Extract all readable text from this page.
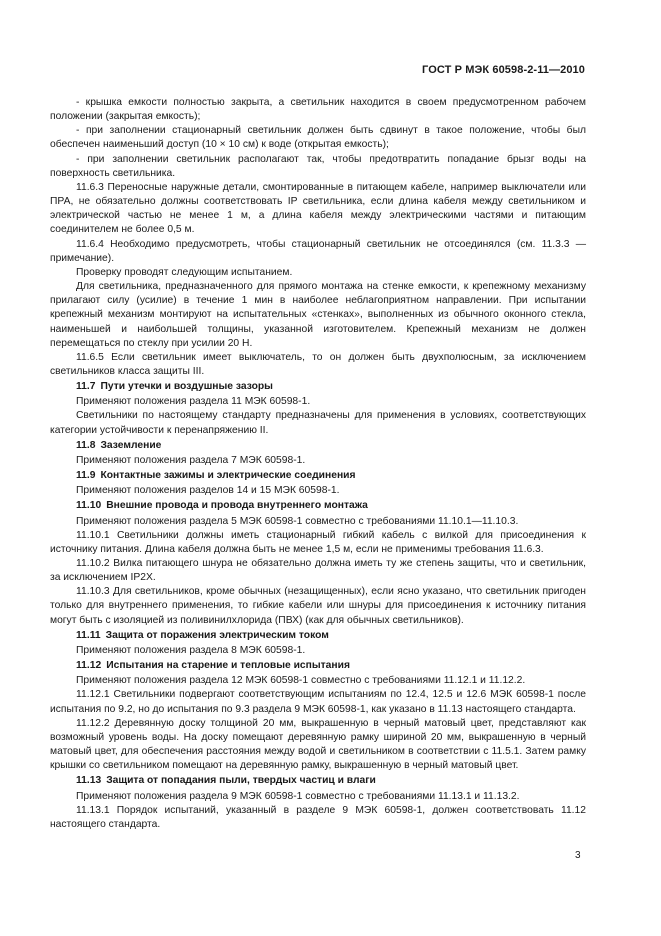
ГОСТ Р МЭК 60598-2-11—2010

- крышка емкости полностью закрыта, а светильник находится в своем предусмотренном рабочем положении (закрытая емкость);

- при заполнении стационарный светильник должен быть сдвинут в такое положение, чтобы был обеспечен наименьший доступ (10 × 10 см) к воде (открытая емкость);

- при заполнении светильник располагают так, чтобы предотвратить попадание брызг воды на поверхность светильника.

11.6.3 Переносные наружные детали, смонтированные в питающем кабеле, например выключатели или ПРА, не обязательно должны соответствовать IP светильника, если длина кабеля между светильником и электрической частью не менее 1 м, а длина кабеля между электрическими частями и питающим соединителем не более 0,5 м.

11.6.4 Необходимо предусмотреть, чтобы стационарный светильник не отсоединялся (см. 11.3.3 — примечание).

Проверку проводят следующим испытанием.

Для светильника, предназначенного для прямого монтажа на стенке емкости, к крепежному механизму прилагают силу (усилие) в течение 1 мин в наиболее неблагоприятном направлении. При испытании крепежный механизм монтируют на испытательных «стенках», выполненных из обычного оконного стекла, наименьшей и наибольшей толщины, указанной изготовителем. Крепежный механизм не должен перемещаться по стеклу при усилии 20 Н.

11.6.5 Если светильник имеет выключатель, то он должен быть двухполюсным, за исключением светильников класса защиты III.

11.7 Пути утечки и воздушные зазоры

Применяют положения раздела 11 МЭК 60598-1.

Светильники по настоящему стандарту предназначены для применения в условиях, соответствующих категории устойчивости к перенапряжению II.

11.8 Заземление

Применяют положения раздела 7 МЭК 60598-1.

11.9 Контактные зажимы и электрические соединения

Применяют положения разделов 14 и 15 МЭК 60598-1.

11.10 Внешние провода и провода внутреннего монтажа

Применяют положения раздела 5 МЭК 60598-1 совместно с требованиями 11.10.1—11.10.3.

11.10.1 Светильники должны иметь стационарный гибкий кабель с вилкой для присоединения к источнику питания. Длина кабеля должна быть не менее 1,5 м, если не применимы требования 11.6.3.

11.10.2 Вилка питающего шнура не обязательно должна иметь ту же степень защиты, что и светильник, за исключением IP2X.

11.10.3 Для светильников, кроме обычных (незащищенных), если ясно указано, что светильник пригоден только для внутреннего применения, то гибкие кабели или шнуры для присоединения к источнику питания могут быть с изоляцией из поливинилхлорида (ПВХ) (как для обычных светильников).

11.11 Защита от поражения электрическим током

Применяют положения раздела 8 МЭК 60598-1.

11.12 Испытания на старение и тепловые испытания

Применяют положения раздела 12 МЭК 60598-1 совместно с требованиями 11.12.1 и 11.12.2.

11.12.1 Светильники подвергают соответствующим испытаниям по 12.4, 12.5 и 12.6 МЭК 60598-1 после испытания по 9.2, но до испытания по 9.3 раздела 9 МЭК 60598-1, как указано в 11.13 настоящего стандарта.

11.12.2 Деревянную доску толщиной 20 мм, выкрашенную в черный матовый цвет, представляют как возможный уровень воды. На доску помещают деревянную рамку шириной 20 мм, выкрашенную в черный матовый цвет, для обеспечения расстояния между водой и светильником в соответствии с 11.5.1. Затем рамку крышки со светильником помещают на деревянную рамку, выкрашенную в черный матовый цвет.

11.13 Защита от попадания пыли, твердых частиц и влаги

Применяют положения раздела 9 МЭК 60598-1 совместно с требованиями 11.13.1 и 11.13.2.

11.13.1 Порядок испытаний, указанный в разделе 9 МЭК 60598-1, должен соответствовать 11.12 настоящего стандарта.

3
